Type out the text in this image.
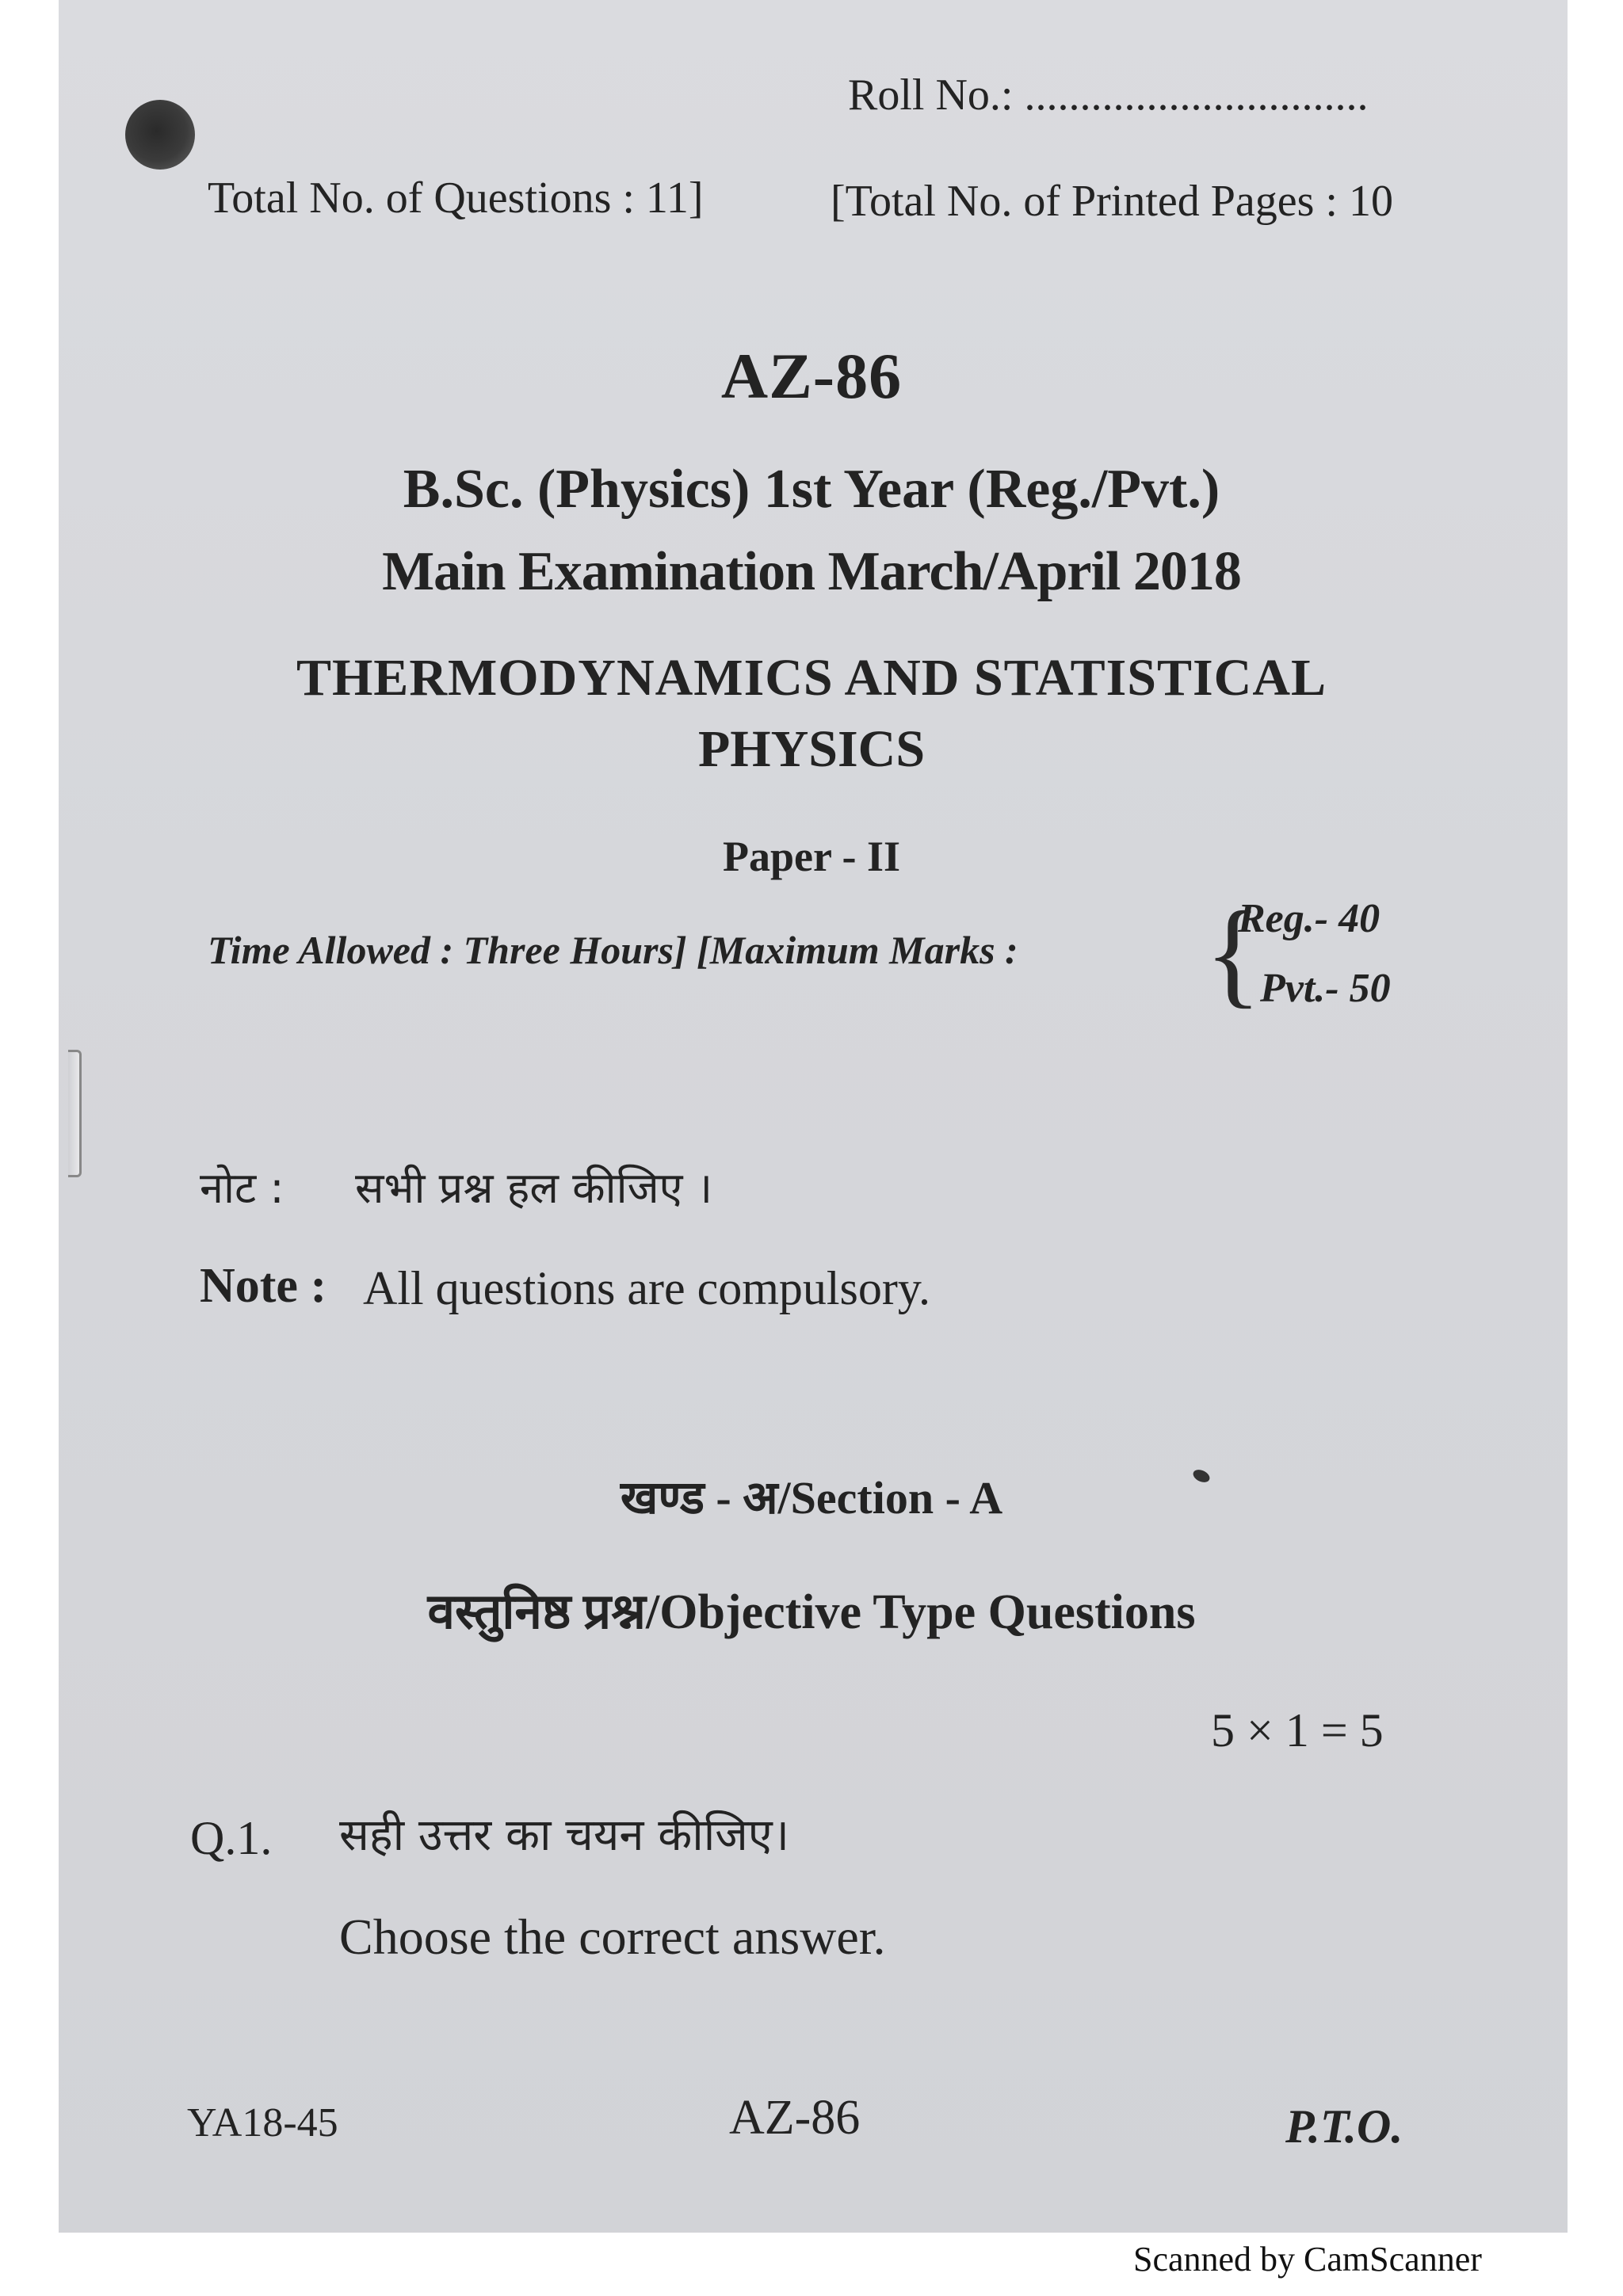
Roll No.: ...............................
Total No. of Questions : 11]	[Total No. of Printed Pages : 10
AZ-86
B.Sc. (Physics) 1st Year (Reg./Pvt.)
Main Examination March/April 2018
THERMODYNAMICS AND STATISTICAL
PHYSICS
Paper - II
Time Allowed : Three Hours] [Maximum Marks : {
Reg.- 40
Pvt.- 50
नोट : सभी प्रश्न हल कीजिए ।
Note : All questions are compulsory.
खण्ड - अ/Section - A
वस्तुनिष्ठ प्रश्न/Objective Type Questions
5 × 1 = 5
Q.1. सही उत्तर का चयन कीजिए।
Choose the correct answer.
YA18-45	AZ-86	P.T.O.
Scanned by CamScanner
